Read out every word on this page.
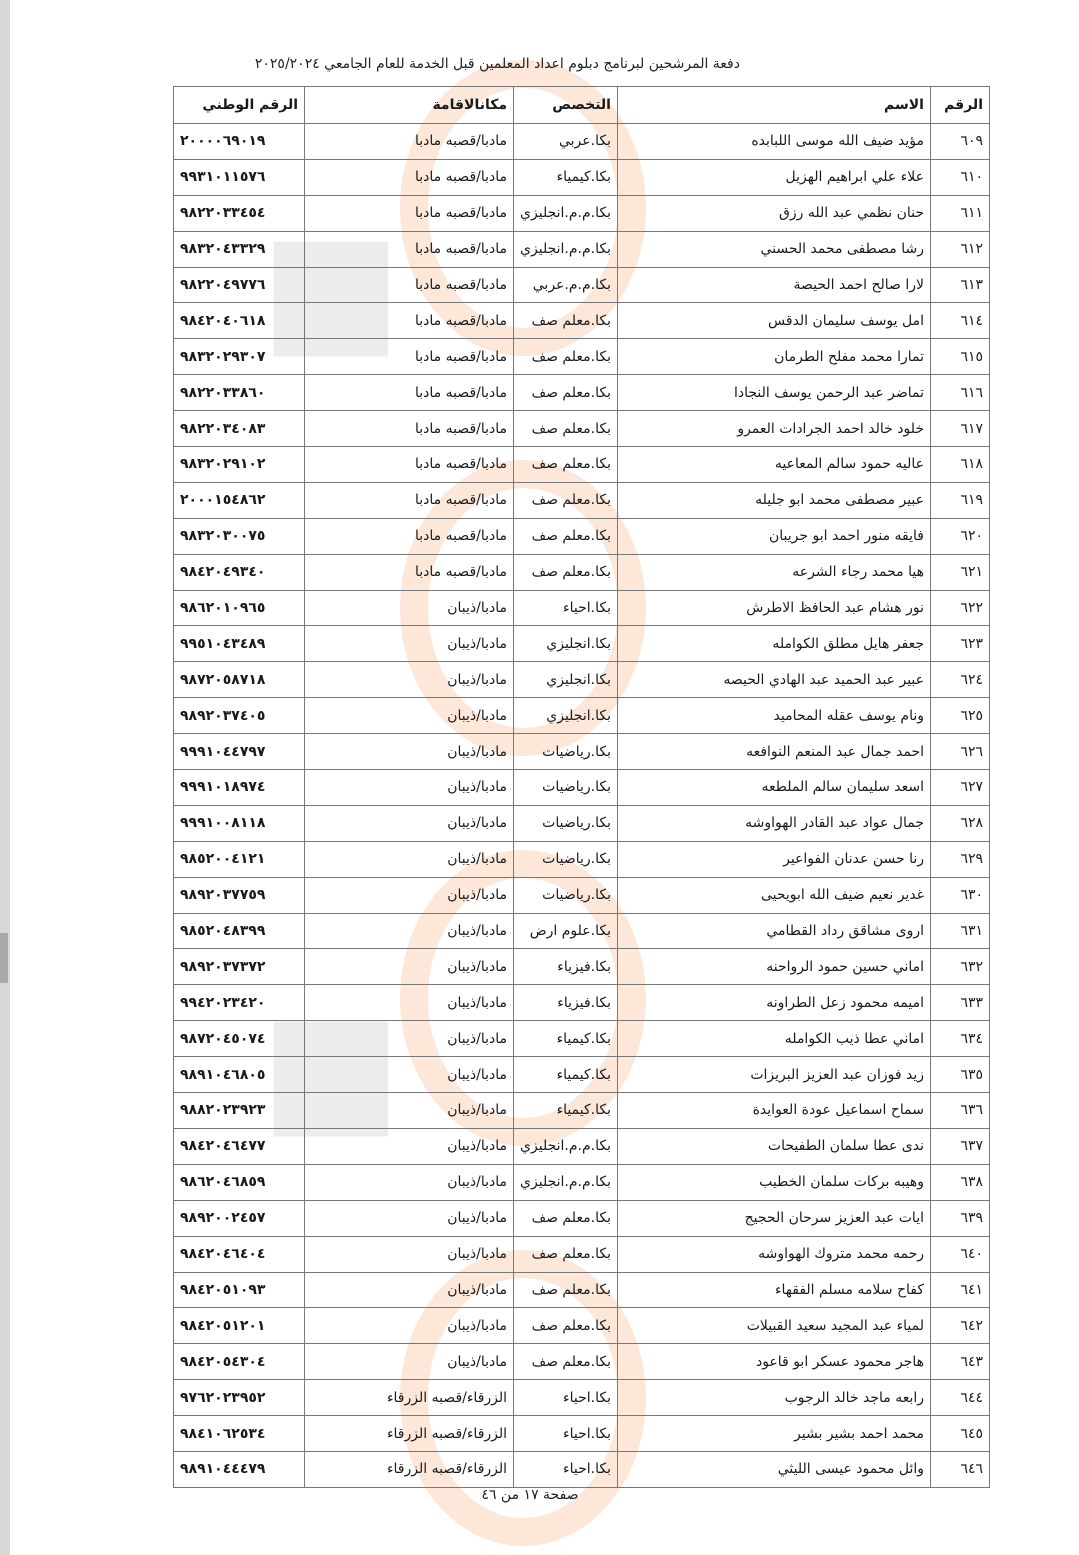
■
■
دفعة المرشحين لبرنامج دبلوم اعداد المعلمين قبل الخدمة للعام الجامعي ٢٠٢٥/٢٠٢٤
الرقم	الاسم	التخصص	مكانالاقامة	الرقم الوطني
٦٠٩	مؤيد ضيف الله موسى اللبابده	بكا.عربي	مادبا/قصبه مادبا	٢٠٠٠٠٦٩٠١٩
٦١٠	علاء علي ابراهيم الهزيل	بكا.كيمياء	مادبا/قصبه مادبا	٩٩٣١٠١١٥٧٦
٦١١	حنان نظمي عبد الله رزق	بكا.م.م.انجليزي	مادبا/قصبه مادبا	٩٨٢٢٠٣٣٤٥٤
٦١٢	رشا مصطفى محمد الحسني	بكا.م.م.انجليزي	مادبا/قصبه مادبا	٩٨٣٢٠٤٣٣٢٩
٦١٣	لارا صالح احمد الحيصة	بكا.م.م.عربي	مادبا/قصبه مادبا	٩٨٢٢٠٤٩٧٧٦
٦١٤	امل يوسف سليمان الدقس	بكا.معلم صف	مادبا/قصبه مادبا	٩٨٤٢٠٤٠٦١٨
٦١٥	تمارا محمد مفلح الطرمان	بكا.معلم صف	مادبا/قصبه مادبا	٩٨٣٢٠٢٩٣٠٧
٦١٦	تماضر عبد الرحمن يوسف النجادا	بكا.معلم صف	مادبا/قصبه مادبا	٩٨٢٢٠٣٣٨٦٠
٦١٧	خلود خالد احمد الجرادات العمرو	بكا.معلم صف	مادبا/قصبه مادبا	٩٨٢٢٠٣٤٠٨٣
٦١٨	عاليه حمود سالم المعاعيه	بكا.معلم صف	مادبا/قصبه مادبا	٩٨٣٢٠٢٩١٠٢
٦١٩	عبير مصطفى محمد ابو جليله	بكا.معلم صف	مادبا/قصبه مادبا	٢٠٠٠١٥٤٨٦٢
٦٢٠	فايقه منور احمد ابو جريبان	بكا.معلم صف	مادبا/قصبه مادبا	٩٨٣٢٠٣٠٠٧٥
٦٢١	هيا محمد رجاء الشرعه	بكا.معلم صف	مادبا/قصبه مادبا	٩٨٤٢٠٤٩٣٤٠
٦٢٢	نور هشام عبد الحافظ الاطرش	بكا.احياء	مادبا/ذيبان	٩٨٦٢٠١٠٩٦٥
٦٢٣	جعفر هايل مطلق الكوامله	بكا.انجليزي	مادبا/ذيبان	٩٩٥١٠٤٣٤٨٩
٦٢٤	عبير عبد الحميد عبد الهادي الحيصه	بكا.انجليزي	مادبا/ذيبان	٩٨٧٢٠٥٨٧١٨
٦٢٥	ونام يوسف عقله المحاميد	بكا.انجليزي	مادبا/ذيبان	٩٨٩٢٠٣٧٤٠٥
٦٢٦	احمد جمال عبد المنعم النوافعه	بكا.رياضيات	مادبا/ذيبان	٩٩٩١٠٤٤٧٩٧
٦٢٧	اسعد سليمان سالم الملطعه	بكا.رياضيات	مادبا/ذيبان	٩٩٩١٠١٨٩٧٤
٦٢٨	جمال عواد عبد القادر الهواوشه	بكا.رياضيات	مادبا/ذيبان	٩٩٩١٠٠٨١١٨
٦٢٩	رنا حسن عدنان الفواعير	بكا.رياضيات	مادبا/ذيبان	٩٨٥٢٠٠٤١٢١
٦٣٠	غدير نعيم ضيف الله ابويحيى	بكا.رياضيات	مادبا/ذيبان	٩٨٩٢٠٣٧٧٥٩
٦٣١	اروى مشاقق رداد القطامي	بكا.علوم ارض	مادبا/ذيبان	٩٨٥٢٠٤٨٣٩٩
٦٣٢	اماني حسين حمود الرواحنه	بكا.فيزياء	مادبا/ذيبان	٩٨٩٢٠٣٧٣٧٢
٦٣٣	اميمه محمود زعل الطراونه	بكا.فيزياء	مادبا/ذيبان	٩٩٤٢٠٢٣٤٢٠
٦٣٤	اماني عطا ذيب الكوامله	بكا.كيمياء	مادبا/ذيبان	٩٨٧٢٠٤٥٠٧٤
٦٣٥	زيد فوزان عبد العزيز البريزات	بكا.كيمياء	مادبا/ذيبان	٩٨٩١٠٤٦٨٠٥
٦٣٦	سماح اسماعيل عودة العوايدة	بكا.كيمياء	مادبا/ذيبان	٩٨٨٢٠٢٣٩٢٣
٦٣٧	ندى عطا سلمان الطفيحات	بكا.م.م.انجليزي	مادبا/ذيبان	٩٨٤٢٠٤٦٤٧٧
٦٣٨	وهيبه بركات سلمان الخطيب	بكا.م.م.انجليزي	مادبا/ذيبان	٩٨٦٢٠٤٦٨٥٩
٦٣٩	ايات عبد العزيز سرحان الحجيج	بكا.معلم صف	مادبا/ذيبان	٩٨٩٢٠٠٢٤٥٧
٦٤٠	رحمه محمد متروك الهواوشه	بكا.معلم صف	مادبا/ذيبان	٩٨٤٢٠٤٦٤٠٤
٦٤١	كفاح سلامه مسلم الفقهاء	بكا.معلم صف	مادبا/ذيبان	٩٨٤٢٠٥١٠٩٣
٦٤٢	لمياء عبد المجيد سعيد القبيلات	بكا.معلم صف	مادبا/ذيبان	٩٨٤٢٠٥١٢٠١
٦٤٣	هاجر محمود عسكر ابو قاعود	بكا.معلم صف	مادبا/ذيبان	٩٨٤٢٠٥٤٣٠٤
٦٤٤	رابعه ماجد خالد الرجوب	بكا.احياء	الزرقاء/قصبه الزرقاء	٩٧٦٢٠٢٣٩٥٢
٦٤٥	محمد احمد بشير بشير	بكا.احياء	الزرقاء/قصبه الزرقاء	٩٨٤١٠٦٢٥٣٤
٦٤٦	وائل محمود عيسى الليثي	بكا.احياء	الزرقاء/قصبه الزرقاء	٩٨٩١٠٤٤٤٧٩
صفحة ١٧ من ٤٦
